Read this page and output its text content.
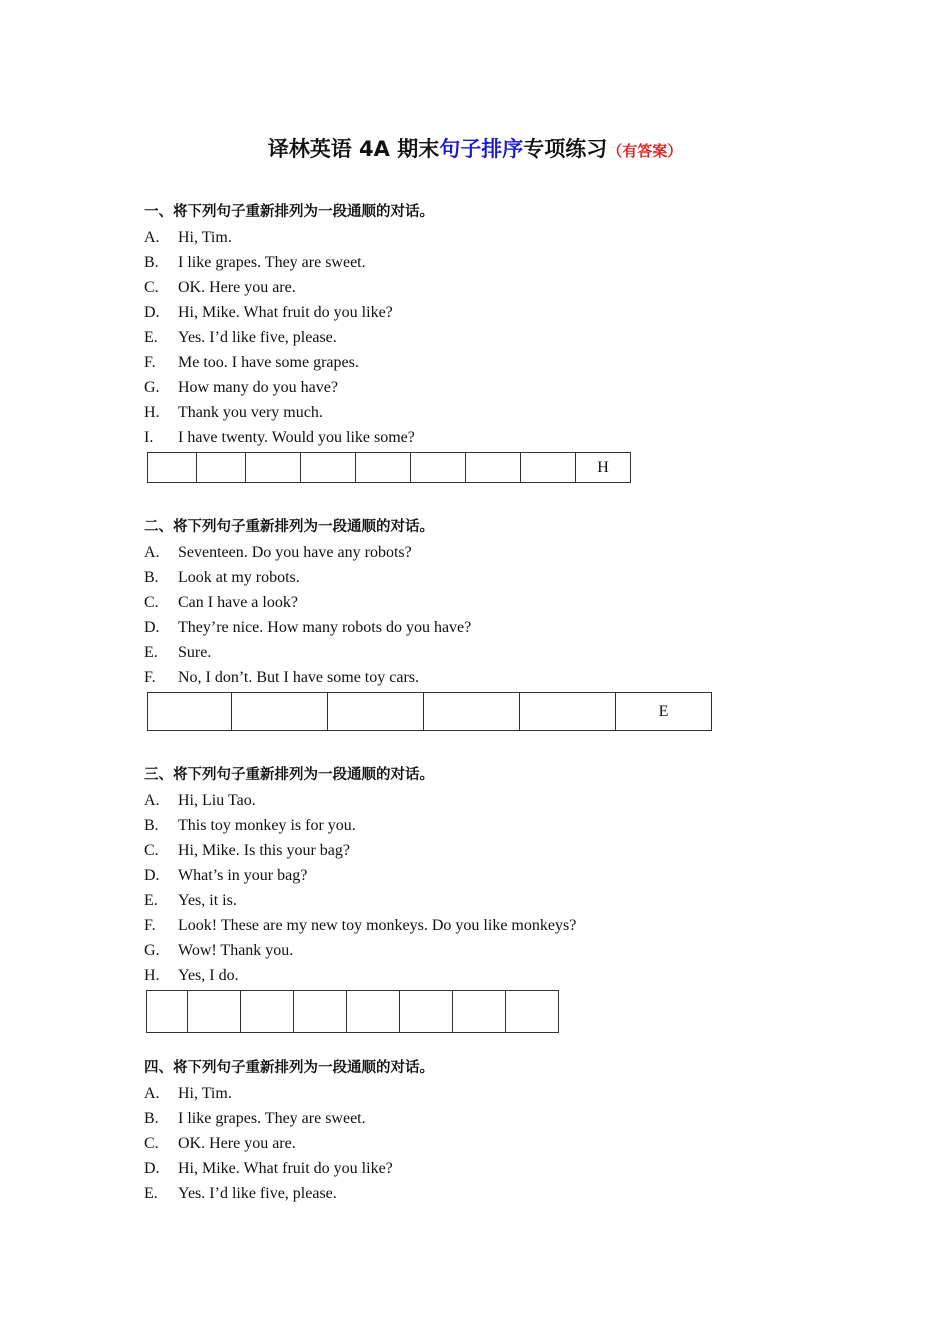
译林英语 4A 期末句子排序专项练习（有答案）
一、将下列句子重新排列为一段通顺的对话。
A. Hi, Tim.
B. I like grapes. They are sweet.
C. OK. Here you are.
D. Hi, Mike. What fruit do you like?
E. Yes. I’d like five, please.
F. Me too. I have some grapes.
G. How many do you have?
H. Thank you very much.
I. I have twenty. Would you like some?
								H
二、将下列句子重新排列为一段通顺的对话。
A. Seventeen. Do you have any robots?
B. Look at my robots.
C. Can I have a look?
D. They’re nice. How many robots do you have?
E. Sure.
F. No, I don’t. But I have some toy cars.
					E
三、将下列句子重新排列为一段通顺的对话。
A. Hi, Liu Tao.
B. This toy monkey is for you.
C. Hi, Mike. Is this your bag?
D. What’s in your bag?
E. Yes, it is.
F. Look! These are my new toy monkeys. Do you like monkeys?
G. Wow! Thank you.
H. Yes, I do.

四、将下列句子重新排列为一段通顺的对话。
A. Hi, Tim.
B. I like grapes. They are sweet.
C. OK. Here you are.
D. Hi, Mike. What fruit do you like?
E. Yes. I’d like five, please.
